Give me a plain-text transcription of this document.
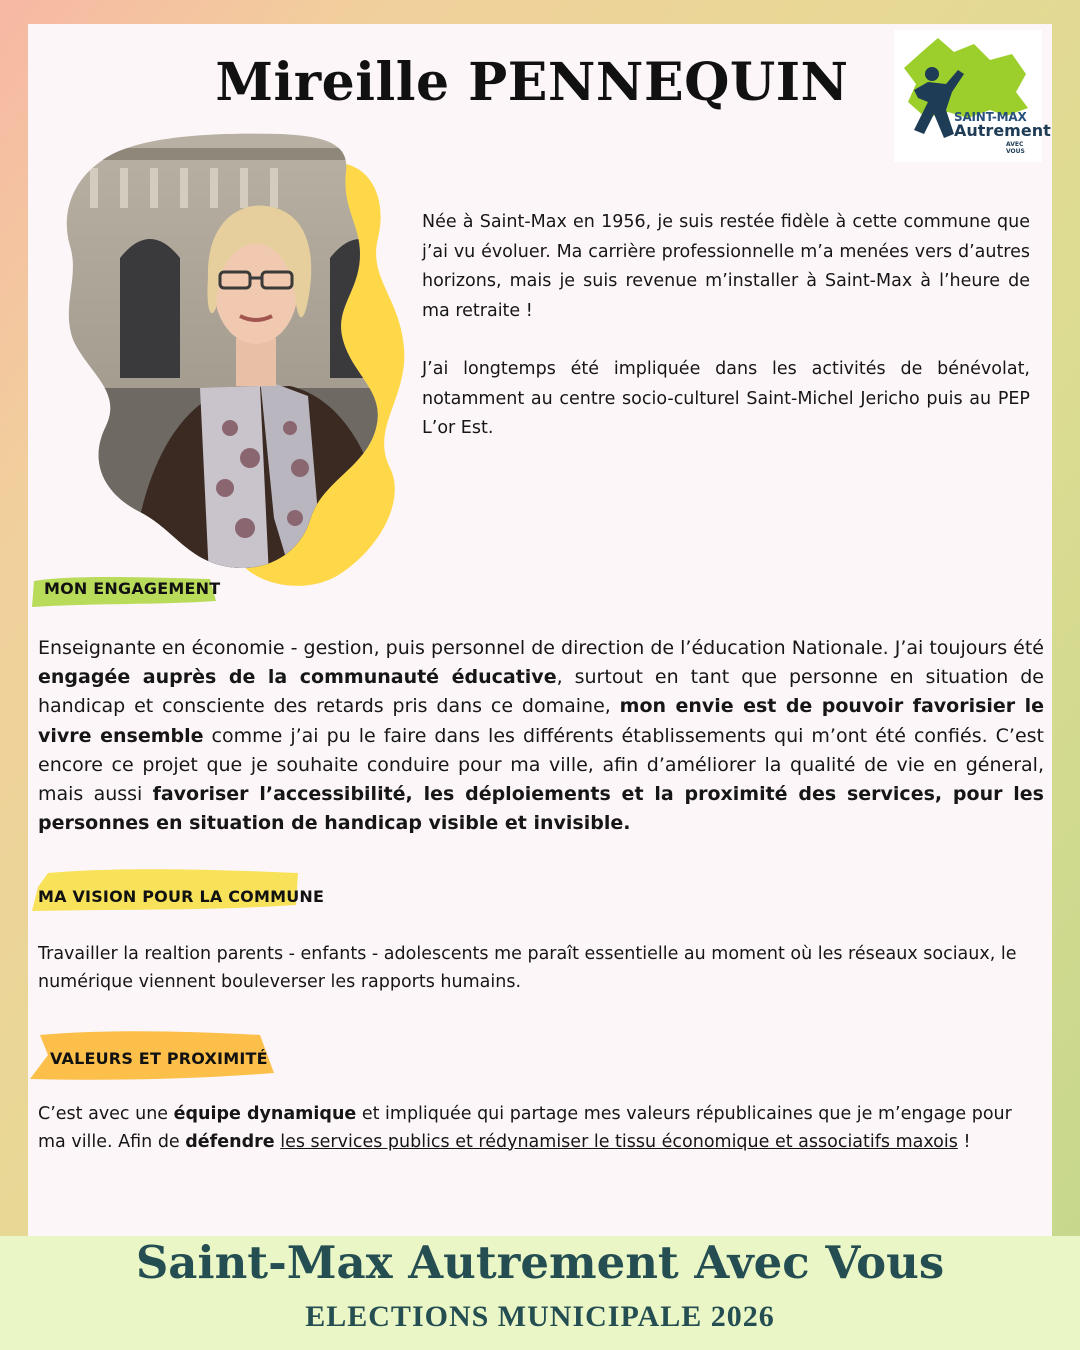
Mireille PENNEQUIN
SAINT-MAX
Autrement
AVEC VOUS

Née à Saint-Max en 1956, je suis restée fidèle à cette commune que j’ai vu évoluer. Ma carrière professionnelle m’a menées vers d’autres horizons, mais je suis revenue m’installer à Saint-Max à l’heure de ma retraite !

J’ai longtemps été impliquée dans les activités de bénévolat, notamment au centre socio-culturel Saint-Michel Jericho puis au PEP L’or Est.

MON ENGAGEMENT

Enseignante en économie - gestion, puis personnel de direction de l’éducation Nationale. J’ai toujours été engagée auprès de la communauté éducative, surtout en tant que personne en situation de handicap et consciente des retards pris dans ce domaine, mon envie est de pouvoir favorisier le vivre ensemble comme j’ai pu le faire dans les différents établissements qui m’ont été confiés. C’est encore ce projet que je souhaite conduire pour ma ville, afin d’améliorer la qualité de vie en géneral, mais aussi favoriser l’accessibilité, les déploiements et la proximité des services, pour les personnes en situation de handicap visible et invisible.

MA VISION POUR LA COMMUNE

Travailler la realtion parents - enfants - adolescents me paraît essentielle au moment où les réseaux sociaux, le numérique viennent bouleverser les rapports humains.

VALEURS ET PROXIMITÉ

C’est avec une équipe dynamique et impliquée qui partage mes valeurs républicaines que je m’engage pour ma ville. Afin de défendre les services publics et rédynamiser le tissu économique et associatifs maxois !

Saint-Max Autrement Avec Vous
ELECTIONS MUNICIPALE 2026
